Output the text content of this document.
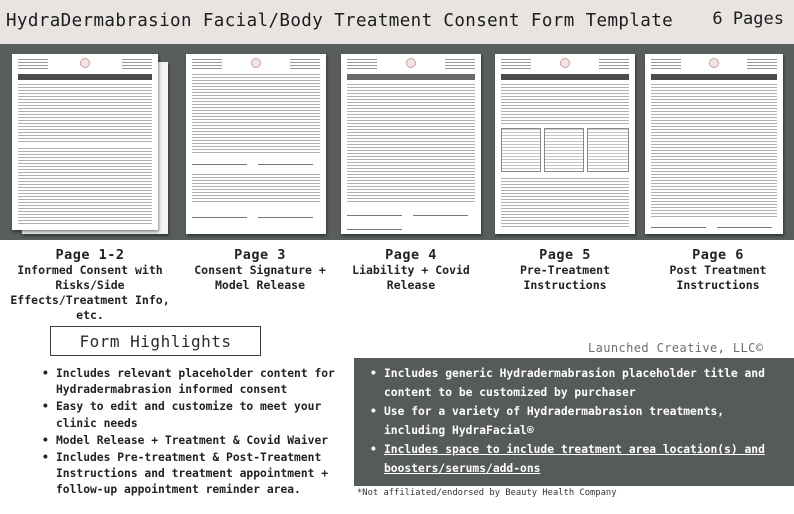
HydraDermabrasion Facial/Body Treatment Consent Form Template 6 Pages
Page 1-2
Informed Consent with Risks/Side Effects/Treatment Info, etc.
Page 3
Consent Signature + Model Release
Page 4
Liability + Covid Release
Page 5
Pre-Treatment Instructions
Page 6
Post Treatment Instructions
Form Highlights
• Includes relevant placeholder content for Hydradermabrasion informed consent
• Easy to edit and customize to meet your clinic needs
• Model Release + Treatment & Covid Waiver
• Includes Pre-treatment & Post-Treatment Instructions and treatment appointment + follow-up appointment reminder area.
Launched Creative, LLC©
• Includes generic Hydradermabrasion placeholder title and content to be customized by purchaser
• Use for a variety of Hydradermabrasion treatments, including HydraFacial®
• Includes space to include treatment area location(s) and boosters/serums/add-ons
*Not affiliated/endorsed by Beauty Health Company
